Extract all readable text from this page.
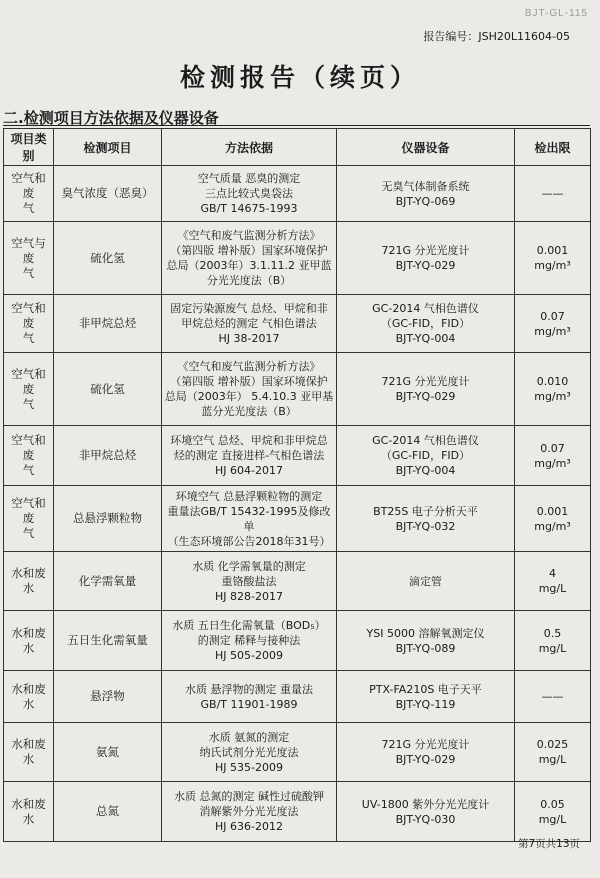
BJT-GL-115
报告编号：JSH20L11604-05
检测报告（续页）
二.检测项目方法依据及仪器设备
项目类别	检测项目	方法依据	仪器设备	检出限

空气和废
气	臭气浓度（恶臭）	空气质量 恶臭的测定
三点比较式臭袋法
GB/T 14675-1993	无臭气体制备系统
BJT-YQ-069	——

空气与废
气	硫化氢	《空气和废气监测分析方法》
（第四版 增补版）国家环境保护
总局（2003年）3.1.11.2 亚甲蓝
分光光度法（B）	721G 分光光度计
BJT-YQ-029	0.001
mg/m³

空气和废
气	非甲烷总烃	固定污染源废气 总烃、甲烷和非
甲烷总烃的测定 气相色谱法
HJ 38-2017	GC-2014 气相色谱仪
（GC-FID，FID）
BJT-YQ-004	0.07
mg/m³

空气和废
气	硫化氢	《空气和废气监测分析方法》
（第四版 增补版）国家环境保护
总局（2003年） 5.4.10.3 亚甲基
蓝分光光度法（B）	721G 分光光度计
BJT-YQ-029	0.010
mg/m³

空气和废
气	非甲烷总烃	环境空气 总烃、甲烷和非甲烷总
烃的测定 直接进样-气相色谱法
HJ 604-2017	GC-2014 气相色谱仪
（GC-FID，FID）
BJT-YQ-004	0.07
mg/m³

空气和废
气	总悬浮颗粒物	环境空气 总悬浮颗粒物的测定
重量法GB/T 15432-1995及修改单
（生态环境部公告2018年31号）	BT25S 电子分析天平
BJT-YQ-032	0.001
mg/m³

水和废水	化学需氧量	水质 化学需氧量的测定
重铬酸盐法
HJ 828-2017	滴定管	4
mg/L

水和废水	五日生化需氧量	水质 五日生化需氧量（BOD₅）
的测定 稀释与接种法
HJ 505-2009	YSI 5000 溶解氧测定仪
BJT-YQ-089	0.5
mg/L

水和废水	悬浮物	水质 悬浮物的测定 重量法
GB/T 11901-1989	PTX-FA210S 电子天平
BJT-YQ-119	——

水和废水	氨氮	水质 氨氮的测定
纳氏试剂分光光度法
HJ 535-2009	721G 分光光度计
BJT-YQ-029	0.025
mg/L

水和废水	总氮	水质 总氮的测定 碱性过硫酸钾
消解紫外分光光度法
HJ 636-2012	UV-1800 紫外分光光度计
BJT-YQ-030	0.05
mg/L
第7页共13页
